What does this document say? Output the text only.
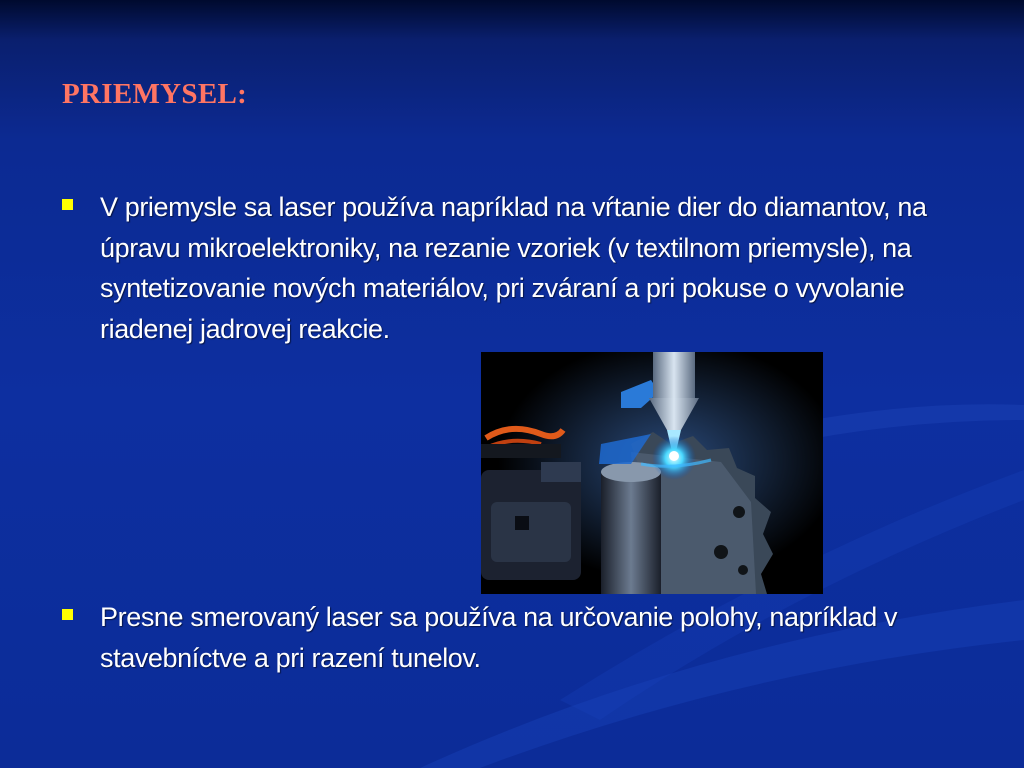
PRIEMYSEL:
V priemysle sa laser používa napríklad na vŕtanie dier do diamantov, na úpravu mikroelektroniky, na rezanie vzoriek (v textilnom priemysle), na syntetizovanie nových materiálov, pri zváraní a pri pokuse o vyvolanie riadenej jadrovej reakcie.
Presne smerovaný laser sa používa na určovanie polohy, napríklad v stavebníctve a pri razení tunelov.
